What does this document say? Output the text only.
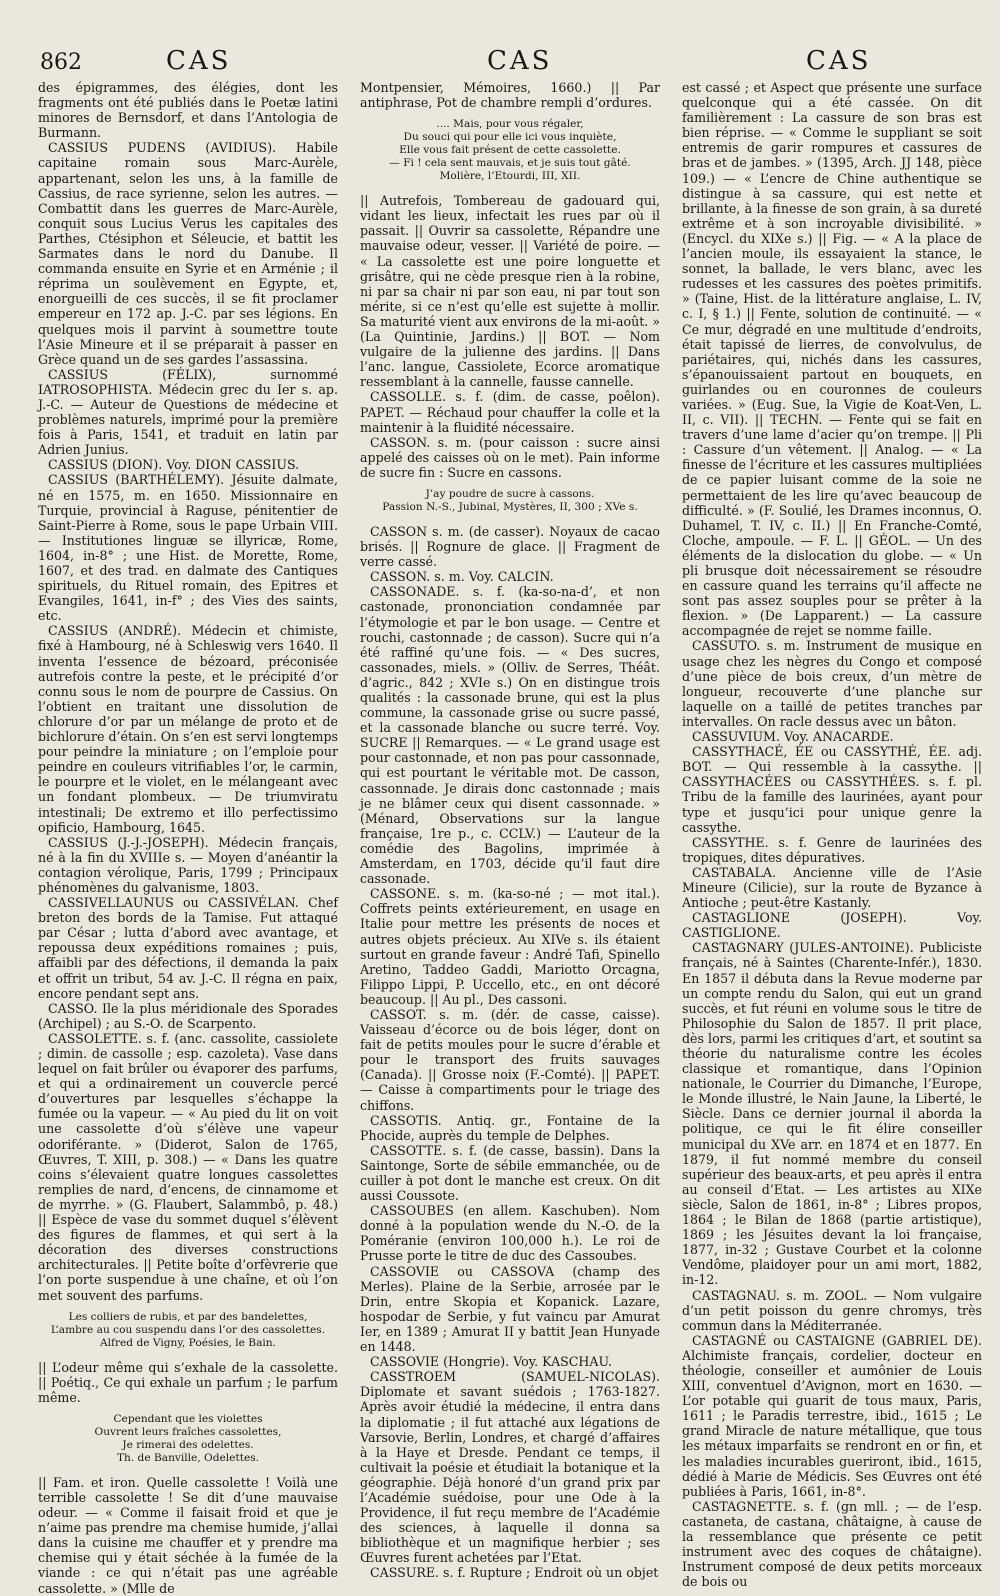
862	CAS	CAS	CAS

des épigrammes, des élégies, dont les fragments ont été publiés dans le Poetæ latini minores de Bernsdorf, et dans l’Antologia de Burmann.

CASSIUS PUDENS (AVIDIUS). Habile capitaine romain sous Marc-Aurèle, appartenant, selon les uns, à la famille de Cassius, de race syrienne, selon les autres. — Combattit dans les guerres de Marc-Aurèle, conquit sous Lucius Verus les capitales des Parthes, Ctésiphon et Séleucie, et battit les Sarmates dans le nord du Danube. Il commanda ensuite en Syrie et en Arménie ; il réprima un soulèvement en Egypte, et, enorgueilli de ces succès, il se fit proclamer empereur en 172 ap. J.-C. par ses légions. En quelques mois il parvint à soumettre toute l’Asie Mineure et il se préparait à passer en Grèce quand un de ses gardes l’assassina.

CASSIUS (FÉLIX), surnommé IATROSOPHISTA. Médecin grec du Ier s. ap. J.-C. — Auteur de Questions de médecine et problèmes naturels, imprimé pour la première fois à Paris, 1541, et traduit en latin par Adrien Junius.

CASSIUS (DION). Voy. DION CASSIUS.

CASSIUS (BARTHÉLEMY). Jésuite dalmate, né en 1575, m. en 1650. Missionnaire en Turquie, provincial à Raguse, pénitentier de Saint-Pierre à Rome, sous le pape Urbain VIII.— Institutiones linguæ se illyricæ, Rome, 1604, in-8° ; une Hist. de Morette, Rome, 1607, et des trad. en dalmate des Cantiques spirituels, du Rituel romain, des Epitres et Evangiles, 1641, in-f° ; des Vies des saints, etc.

CASSIUS (ANDRÉ). Médecin et chimiste, fixé à Hambourg, né à Schleswig vers 1640. Il inventa l’essence de bézoard, préconisée autrefois contre la peste, et le précipité d’or connu sous le nom de pourpre de Cassius. On l’obtient en traitant une dissolution de chlorure d’or par un mélange de proto et de bichlorure d’étain. On s’en est servi longtemps pour peindre la miniature ; on l’emploie pour peindre en couleurs vitrifiables l’or, le carmin, le pourpre et le violet, en le mélangeant avec un fondant plombeux. — De triumviratu intestinali; De extremo et illo perfectissimo opificio, Hambourg, 1645.

CASSIUS (J.-J.-JOSEPH). Médecin français, né à la fin du XVIIIe s. — Moyen d’anéantir la contagion vérolique, Paris, 1799 ; Principaux phénomènes du galvanisme, 1803.

CASSIVELLAUNUS ou CASSIVÉLAN. Chef breton des bords de la Tamise. Fut attaqué par César ; lutta d’abord avec avantage, et repoussa deux expéditions romaines ; puis, affaibli par des défections, il demanda la paix et offrit un tribut, 54 av. J.-C. Il régna en paix, encore pendant sept ans.

CASSO. Ile la plus méridionale des Sporades (Archipel) ; au S.-O. de Scarpento.

CASSOLETTE. s. f. (anc. cassolite, cassiolete ; dimin. de cassolle ; esp. cazoleta). Vase dans lequel on fait brûler ou évaporer des parfums, et qui a ordinairement un couvercle percé d’ouvertures par lesquelles s’échappe la fumée ou la vapeur. — « Au pied du lit on voit une cassolette d’où s’élève une vapeur odoriférante. » (Diderot, Salon de 1765, Œuvres, T. XIII, p. 308.) — « Dans les quatre coins s’élevaient quatre longues cassolettes remplies de nard, d’encens, de cinnamome et de myrrhe. » (G. Flaubert, Salammbô, p. 48.) || Espèce de vase du sommet duquel s’élèvent des figures de flammes, et qui sert à la décoration des diverses constructions architecturales. || Petite boîte d’orfèvrerie que l’on porte suspendue à une chaîne, et où l’on met souvent des parfums.

Les colliers de rubis, et par des bandelettes,
L’ambre au cou suspendu dans l’or des cassolettes.
Alfred de Vigny, Poésies, le Bain.

|| L’odeur même qui s’exhale de la cassolette. || Poétiq., Ce qui exhale un parfum ; le parfum même.

Cependant que les violettes
Ouvrent leurs fraîches cassolettes,
Je rimerai des odelettes.
Th. de Banville, Odelettes.

|| Fam. et iron. Quelle cassolette ! Voilà une terrible cassolette ! Se dit d’une mauvaise odeur. — « Comme il faisait froid et que je n’aime pas prendre ma chemise humide, j’allai dans la cuisine me chauffer et y prendre ma chemise qui y était séchée à la fumée de la viande : ce qui n’était pas une agréable cassolette. » (Mlle de

Montpensier, Mémoires, 1660.) || Par antiphrase, Pot de chambre rempli d’ordures.

.... Mais, pour vous régaler,
Du souci qui pour elle ici vous inquiète,
Elle vous fait présent de cette cassolette.
— Fi ! cela sent mauvais, et je suis tout gâté.
Molière, l’Etourdi, III, XII.

|| Autrefois, Tombereau de gadouard qui, vidant les lieux, infectait les rues par où il passait. || Ouvrir sa cassolette, Répandre une mauvaise odeur, vesser. || Variété de poire. — « La cassolette est une poire longuette et grisâtre, qui ne cède presque rien à la robine, ni par sa chair ni par son eau, ni par tout son mérite, si ce n’est qu’elle est sujette à mollir. Sa maturité vient aux environs de la mi-août. » (La Quintinie, Jardins.) || BOT. — Nom vulgaire de la julienne des jardins. || Dans l’anc. langue, Cassiolete, Ecorce aromatique ressemblant à la cannelle, fausse cannelle.

CASSOLLE. s. f. (dim. de casse, poêlon). PAPET. — Réchaud pour chauffer la colle et la maintenir à la fluidité nécessaire.

CASSON. s. m. (pour caisson : sucre ainsi appelé des caisses où on le met). Pain informe de sucre fin : Sucre en cassons.

J’ay poudre de sucre à cassons.
Passion N.-S., Jubinal, Mystères, II, 300 ; XVe s.

CASSON s. m. (de casser). Noyaux de cacao brisés. || Rognure de glace. || Fragment de verre cassé.

CASSON. s. m. Voy. CALCIN.

CASSONADE. s. f. (ka-so-na-d’, et non castonade, prononciation condamnée par l’étymologie et par le bon usage. — Centre et rouchi, castonnade ; de casson). Sucre qui n’a été raffiné qu’une fois. — « Des sucres, cassonades, miels. » (Olliv. de Serres, Théât. d’agric., 842 ; XVIe s.) On en distingue trois qualités : la cassonade brune, qui est la plus commune, la cassonade grise ou sucre passé, et la cassonade blanche ou sucre terré. Voy. SUCRE || Remarques. — « Le grand usage est pour castonnade, et non pas pour cassonnade, qui est pourtant le véritable mot. De casson, cassonnade. Je dirais donc castonnade ; mais je ne blâmer ceux qui disent cassonnade. » (Ménard, Observations sur la langue française, 1re p., c. CCLV.) — L’auteur de la comédie des Bagolins, imprimée à Amsterdam, en 1703, décide qu’il faut dire cassonade.

CASSONE. s. m. (ka-so-né ; — mot ital.). Coffrets peints extérieurement, en usage en Italie pour mettre les présents de noces et autres objets précieux. Au XIVe s. ils étaient surtout en grande faveur : André Tafi, Spinello Aretino, Taddeo Gaddi, Mariotto Orcagna, Filippo Lippi, P. Uccello, etc., en ont décoré beaucoup. || Au pl., Des cassoni.

CASSOT. s. m. (dér. de casse, caisse). Vaisseau d’écorce ou de bois léger, dont on fait de petits moules pour le sucre d’érable et pour le transport des fruits sauvages (Canada). || Grosse noix (F.-Comté). || PAPET. — Caisse à compartiments pour le triage des chiffons.

CASSOTIS. Antiq. gr., Fontaine de la Phocide, auprès du temple de Delphes.

CASSOTTE. s. f. (de casse, bassin). Dans la Saintonge, Sorte de sébile emmanchée, ou de cuiller à pot dont le manche est creux. On dit aussi Coussote.

CASSOUBES (en allem. Kaschuben). Nom donné à la population wende du N.-O. de la Poméranie (environ 100,000 h.). Le roi de Prusse porte le titre de duc des Cassoubes.

CASSOVIE ou CASSOVA (champ des Merles). Plaine de la Serbie, arrosée par le Drin, entre Skopia et Kopanick. Lazare, hospodar de Serbie, y fut vaincu par Amurat Ier, en 1389 ; Amurat II y battit Jean Hunyade en 1448.

CASSOVIE (Hongrie). Voy. KASCHAU.

CASSTROEM (SAMUEL-NICOLAS). Diplomate et savant suédois ; 1763-1827. Après avoir étudié la médecine, il entra dans la diplomatie ; il fut attaché aux légations de Varsovie, Berlin, Londres, et chargé d’affaires à la Haye et Dresde. Pendant ce temps, il cultivait la poésie et étudiait la botanique et la géographie. Déjà honoré d’un grand prix par l’Académie suédoise, pour une Ode à la Providence, il fut reçu membre de l’Académie des sciences, à laquelle il donna sa bibliothèque et un magnifique herbier ; ses Œuvres furent achetées par l’Etat.

CASSURE. s. f. Rupture ; Endroit où un objet

est cassé ; et Aspect que présente une surface quelconque qui a été cassée. On dit familièrement : La cassure de son bras est bien réprise. — « Comme le suppliant se soit entremis de garir rompures et cassures de bras et de jambes. » (1395, Arch. JJ 148, pièce 109.) — « L’encre de Chine authentique se distingue à sa cassure, qui est nette et brillante, à la finesse de son grain, à sa dureté extrême et à son incroyable divisibilité. » (Encycl. du XIXe s.) || Fig. — « A la place de l’ancien moule, ils essayaient la stance, le sonnet, la ballade, le vers blanc, avec les rudesses et les cassures des poètes primitifs. » (Taine, Hist. de la littérature anglaise, L. IV, c. I, § 1.) || Fente, solution de continuité. — « Ce mur, dégradé en une multitude d’endroits, était tapissé de lierres, de convolvulus, de pariétaires, qui, nichés dans les cassures, s’épanouissaient partout en bouquets, en guirlandes ou en couronnes de couleurs variées. » (Eug. Sue, la Vigie de Koat-Ven, L. II, c. VII). || TECHN. — Fente qui se fait en travers d’une lame d’acier qu’on trempe. || Pli : Cassure d’un vêtement. || Analog. — « La finesse de l’écriture et les cassures multipliées de ce papier luisant comme de la soie ne permettaient de les lire qu’avec beaucoup de difficulté. » (F. Soulié, les Drames inconnus, O. Duhamel, T. IV, c. II.) || En Franche-Comté, Cloche, ampoule. — F. L. || GÉOL. — Un des éléments de la dislocation du globe. — « Un pli brusque doit nécessairement se résoudre en cassure quand les terrains qu’il affecte ne sont pas assez souples pour se prêter à la flexion. » (De Lapparent.) — La cassure accompagnée de rejet se nomme faille.

CASSUTO. s. m. Instrument de musique en usage chez les nègres du Congo et composé d’une pièce de bois creux, d’un mètre de longueur, recouverte d’une planche sur laquelle on a taillé de petites tranches par intervalles. On racle dessus avec un bâton.

CASSUVIUM. Voy. ANACARDE.

CASSYTHACÉ, ÉE ou CASSYTHÉ, ÉE. adj. BOT. — Qui ressemble à la cassythe. || CASSYTHACÉES ou CASSYTHÉES. s. f. pl. Tribu de la famille des laurinées, ayant pour type et jusqu’ici pour unique genre la cassythe.

CASSYTHE. s. f. Genre de laurinées des tropiques, dites dépuratives.

CASTABALA. Ancienne ville de l’Asie Mineure (Cilicie), sur la route de Byzance à Antioche ; peut-être Kastanly.

CASTAGLIONE (JOSEPH). Voy. CASTIGLIONE.

CASTAGNARY (JULES-ANTOINE). Publiciste français, né à Saintes (Charente-Infér.), 1830. En 1857 il débuta dans la Revue moderne par un compte rendu du Salon, qui eut un grand succès, et fut réuni en volume sous le titre de Philosophie du Salon de 1857. Il prit place, dès lors, parmi les critiques d’art, et soutint sa théorie du naturalisme contre les écoles classique et romantique, dans l’Opinion nationale, le Courrier du Dimanche, l’Europe, le Monde illustré, le Nain Jaune, la Liberté, le Siècle. Dans ce dernier journal il aborda la politique, ce qui le fit élire conseiller municipal du XVe arr. en 1874 et en 1877. En 1879, il fut nommé membre du conseil supérieur des beaux-arts, et peu après il entra au conseil d’Etat. — Les artistes au XIXe siècle, Salon de 1861, in-8° ; Libres propos, 1864 ; le Bilan de 1868 (partie artistique), 1869 ; les Jésuites devant la loi française, 1877, in-32 ; Gustave Courbet et la colonne Vendôme, plaidoyer pour un ami mort, 1882, in-12.

CASTAGNAU. s. m. ZOOL. — Nom vulgaire d’un petit poisson du genre chromys, très commun dans la Méditerranée.

CASTAGNÉ ou CASTAIGNE (GABRIEL DE). Alchimiste français, cordelier, docteur en théologie, conseiller et aumônier de Louis XIII, conventuel d’Avignon, mort en 1630. — L’or potable qui guarit de tous maux, Paris, 1611 ; le Paradis terrestre, ibid., 1615 ; Le grand Miracle de nature métallique, que tous les métaux imparfaits se rendront en or fin, et les maladies incurables gueriront, ibid., 1615, dédié à Marie de Médicis. Ses Œuvres ont été publiées à Paris, 1661, in-8°.

CASTAGNETTE. s. f. (gn mll. ; — de l’esp. castaneta, de castana, châtaigne, à cause de la ressemblance que présente ce petit instrument avec des coques de châtaigne). Instrument composé de deux petits morceaux de bois ou
